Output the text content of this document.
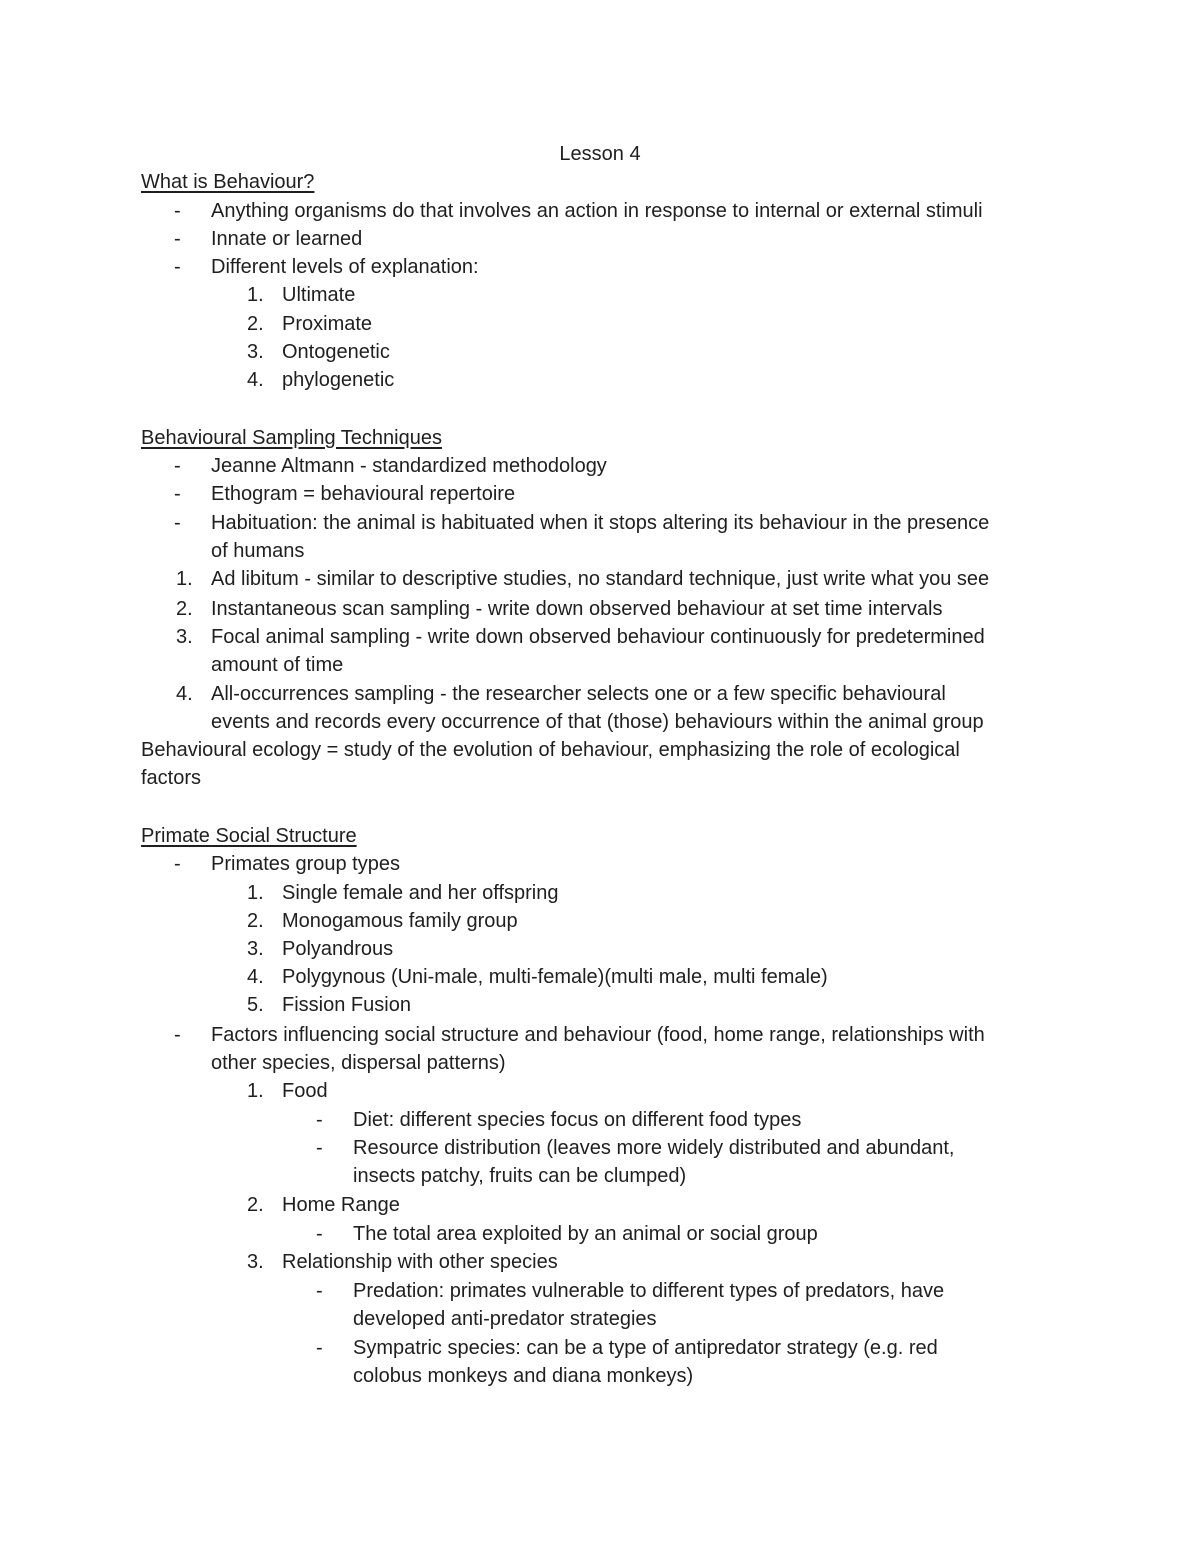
Lesson 4
What is Behaviour?
- Anything organisms do that involves an action in response to internal or external stimuli
- Innate or learned
- Different levels of explanation:
1. Ultimate
2. Proximate
3. Ontogenetic
4. phylogenetic
Behavioural Sampling Techniques
- Jeanne Altmann - standardized methodology
- Ethogram = behavioural repertoire
- Habituation: the animal is habituated when it stops altering its behaviour in the presence
of humans
1. Ad libitum - similar to descriptive studies, no standard technique, just write what you see
2. Instantaneous scan sampling - write down observed behaviour at set time intervals
3. Focal animal sampling - write down observed behaviour continuously for predetermined
amount of time
4. All-occurrences sampling - the researcher selects one or a few specific behavioural
events and records every occurrence of that (those) behaviours within the animal group
Behavioural ecology = study of the evolution of behaviour, emphasizing the role of ecological
factors
Primate Social Structure
- Primates group types
1. Single female and her offspring
2. Monogamous family group
3. Polyandrous
4. Polygynous (Uni-male, multi-female)(multi male, multi female)
5. Fission Fusion
- Factors influencing social structure and behaviour (food, home range, relationships with
other species, dispersal patterns)
1. Food
- Diet: different species focus on different food types
- Resource distribution (leaves more widely distributed and abundant,
insects patchy, fruits can be clumped)
2. Home Range
- The total area exploited by an animal or social group
3. Relationship with other species
- Predation: primates vulnerable to different types of predators, have
developed anti-predator strategies
- Sympatric species: can be a type of antipredator strategy (e.g. red
colobus monkeys and diana monkeys)
